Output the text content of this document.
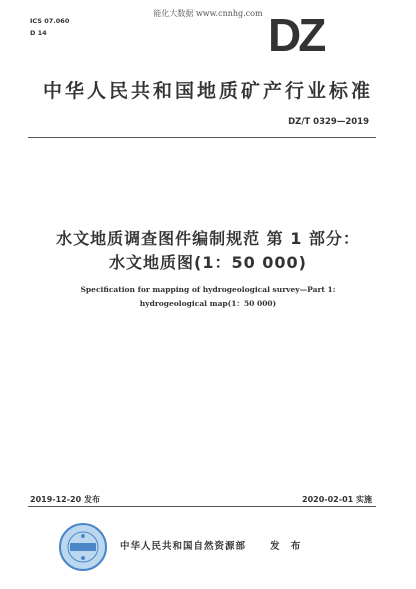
能化大数据 www.cnnhg.com
ICS 07.060
D 14	DZ
中华人民共和国地质矿产行业标准
DZ/T 0329—2019
水文地质调查图件编制规范 第 1 部分：
水文地质图(1：50 000)
Specification for mapping of hydrogeological survey—Part 1:
hydrogeological map(1：50 000)
2019-12-20 发布	2020-02-01 实施
中华人民共和国自然资源部	发 布
